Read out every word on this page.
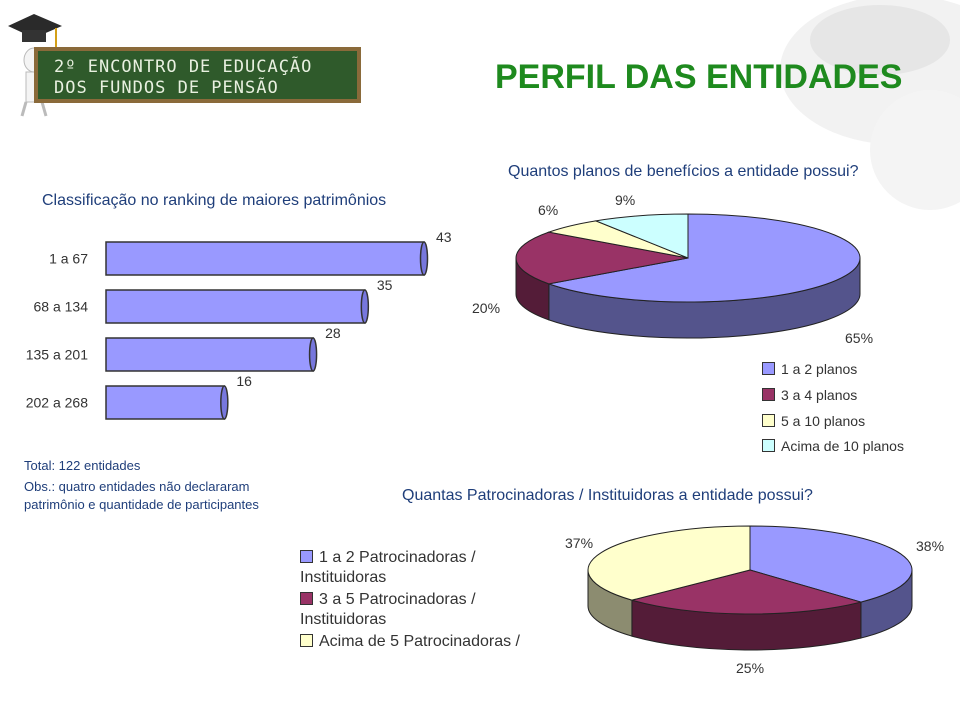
2º ENCONTRO DE EDUCAÇÃO
DOS FUNDOS DE PENSÃO	PERFIL DAS ENTIDADES
Classificação no ranking de maiores patrimônios
1 a 67
43
68 a 134
35
135 a 201
28
202 a 268
16
Total: 122 entidades
Obs.: quatro entidades não declararam
patrimônio e quantidade de participantes
Quantos planos de benefícios a entidade possui?
6%
9%
20%
65%
1 a 2 planos
3 a 4 planos
5 a 10 planos
Acima de 10 planos
Quantas Patrocinadoras / Instituidoras a entidade possui?
1 a 2 Patrocinadoras / Instituidoras
3 a 5 Patrocinadoras / Instituidoras
Acima de 5 Patrocinadoras /
37%	38%
25%
